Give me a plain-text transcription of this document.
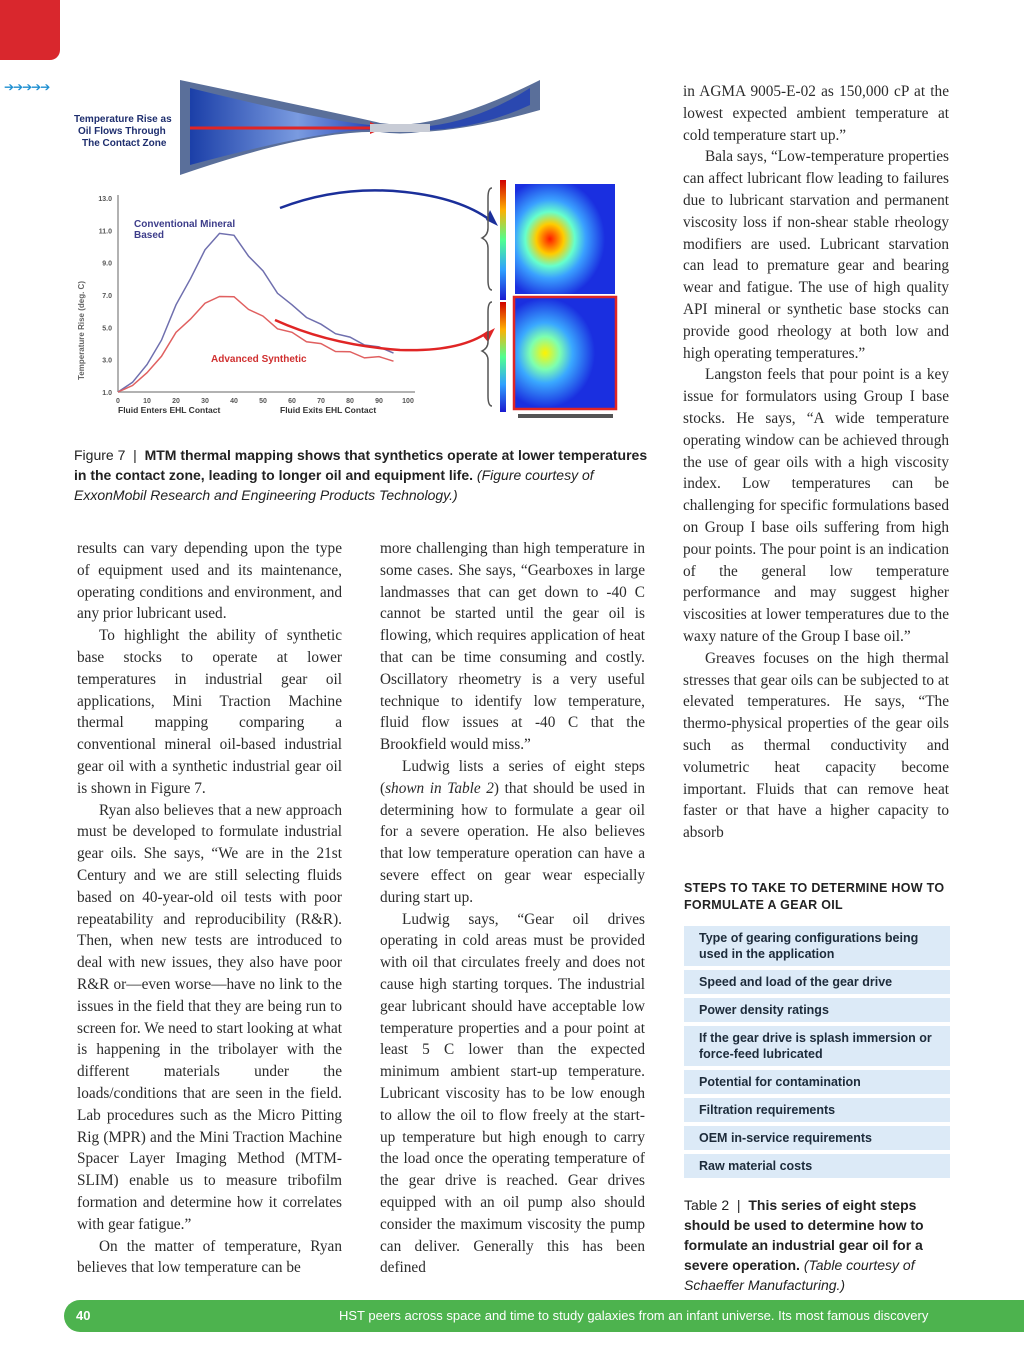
➔➔➔➔➔
Temperature Rise as
Oil Flows Through
The Contact Zone
Temperature Rise (deg. C)
1.0
3.0
5.0
7.0
9.0
11.0
13.0
0	10	20	30	40	50	60	70	80	90	100
Conventional Mineral
Based
Advanced Synthetic
Fluid Enters EHL Contact	Fluid Exits EHL Contact
Figure 7  |  MTM thermal mapping shows that synthetics operate at lower temperatures in the contact zone, leading to longer oil and equipment life. (Figure courtesy of ExxonMobil Research and Engineering Products Technology.)

results can vary depending upon the type of equipment used and its maintenance, operating conditions and environment, and any prior lubricant used.

To highlight the ability of synthetic base stocks to operate at lower temperatures in industrial gear oil applications, Mini Traction Machine thermal mapping comparing a conventional mineral oil-based industrial gear oil with a synthetic industrial gear oil is shown in Figure 7.

Ryan also believes that a new approach must be developed to formulate industrial gear oils. She says, “We are in the 21st Century and we are still selecting fluids based on 40-year-old oil tests with poor repeatability and reproducibility (R&R). Then, when new tests are introduced to deal with new issues, they also have poor R&R or—even worse—have no link to the issues in the field that they are being run to screen for. We need to start looking at what is happening in the tribolayer with the different materials under the loads/conditions that are seen in the field. Lab procedures such as the Micro Pitting Rig (MPR) and the Mini Traction Machine Spacer Layer Imaging Method (MTM-SLIM) enable us to measure tribofilm formation and determine how it correlates with gear fatigue.”

On the matter of temperature, Ryan believes that low temperature can be

more challenging than high temperature in some cases. She says, “Gearboxes in large landmasses that can get down to -40 C cannot be started until the gear oil is flowing, which requires application of heat that can be time consuming and costly. Oscillatory rheometry is a very useful technique to identify low temperature, fluid flow issues at -40 C that the Brookfield would miss.”

Ludwig lists a series of eight steps (shown in Table 2) that should be used in determining how to formulate a gear oil for a severe operation. He also believes that low temperature operation can have a severe effect on gear wear especially during start up.

Ludwig says, “Gear oil drives operating in cold areas must be provided with oil that circulates freely and does not cause high starting torques. The industrial gear lubricant should have acceptable low temperature properties and a pour point at least 5 C lower than the expected minimum ambient start-up temperature. Lubricant viscosity has to be low enough to allow the oil to flow freely at the start-up temperature but high enough to carry the load once the operating temperature of the gear drive is reached. Gear drives equipped with an oil pump also should consider the maximum viscosity the pump can deliver. Generally this has been defined

in AGMA 9005-E-02 as 150,000 cP at the lowest expected ambient temperature at cold temperature start up.”

Bala says, “Low-temperature properties can affect lubricant flow leading to failures due to lubricant starvation and permanent viscosity loss if non-shear stable rheology modifiers are used. Lubricant starvation can lead to premature gear and bearing wear and fatigue. The use of high quality API mineral or synthetic base stocks can provide good rheology at both low and high operating temperatures.”

Langston feels that pour point is a key issue for formulators using Group I base stocks. He says, “A wide temperature operating window can be achieved through the use of gear oils with a high viscosity index. Low temperatures can be challenging for specific formulations based on Group I base oils suffering from high pour points. The pour point is an indication of the general low temperature performance and may suggest higher viscosities at lower temperatures due to the waxy nature of the Group I base oil.”

Greaves focuses on the high thermal stresses that gear oils can be subjected to at elevated temperatures. He says, “The thermo-physical properties of the gear oils such as thermal conductivity and volumetric heat capacity become important. Fluids that can remove heat faster or that have a higher capacity to absorb

STEPS TO TAKE TO DETERMINE HOW TO FORMULATE A GEAR OIL
Type of gearing configurations being used in the application
Speed and load of the gear drive
Power density ratings
If the gear drive is splash immersion or force-feed lubricated
Potential for contamination
Filtration requirements
OEM in-service requirements
Raw material costs
Table 2  |  This series of eight steps should be used to determine how to formulate an industrial gear oil for a severe operation. (Table courtesy of Schaeffer Manufacturing.)
40	HST peers across space and time to study galaxies from an infant universe. Its most famous discovery
